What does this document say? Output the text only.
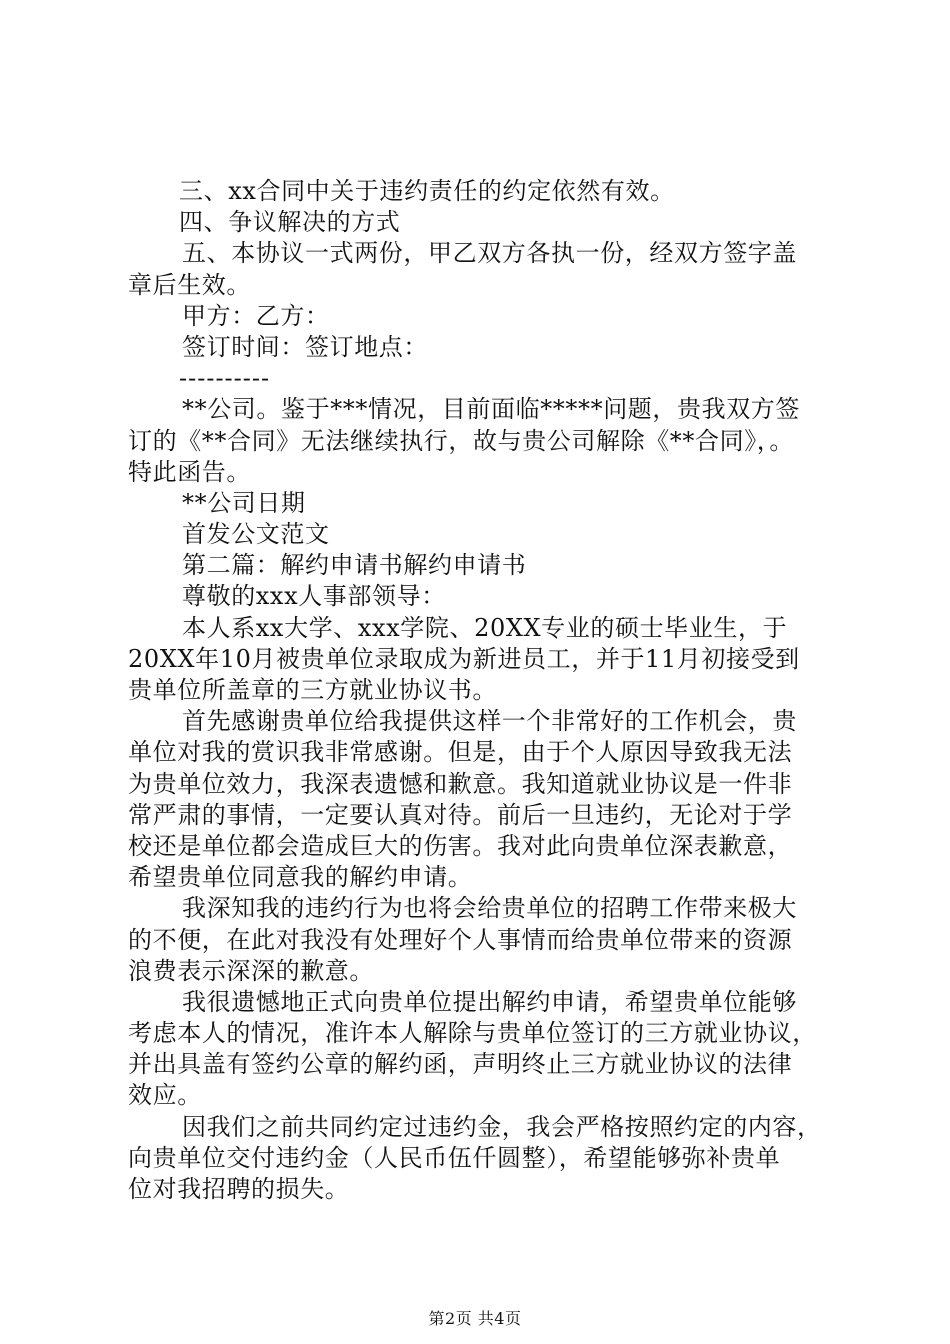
三、xx合同中关于违约责任的约定依然有效。
四、争议解决的方式
五、本协议一式两份，甲乙双方各执一份，经双方签字盖
章后生效。
甲方：乙方：
签订时间：签订地点：
----------
**公司。鉴于***情况，目前面临*****问题，贵我双方签
订的《**合同》无法继续执行，故与贵公司解除《**合同》，。
特此函告。
**公司日期
首发公文范文
第二篇：解约申请书解约申请书
尊敬的xxx人事部领导：
本人系xx大学、xxx学院、20XX专业的硕士毕业生，于
20XX年10月被贵单位录取成为新进员工，并于11月初接受到
贵单位所盖章的三方就业协议书。
首先感谢贵单位给我提供这样一个非常好的工作机会，贵
单位对我的赏识我非常感谢。但是，由于个人原因导致我无法
为贵单位效力，我深表遗憾和歉意。我知道就业协议是一件非
常严肃的事情，一定要认真对待。前后一旦违约，无论对于学
校还是单位都会造成巨大的伤害。我对此向贵单位深表歉意，
希望贵单位同意我的解约申请。
我深知我的违约行为也将会给贵单位的招聘工作带来极大
的不便，在此对我没有处理好个人事情而给贵单位带来的资源
浪费表示深深的歉意。
我很遗憾地正式向贵单位提出解约申请，希望贵单位能够
考虑本人的情况，准许本人解除与贵单位签订的三方就业协议，
并出具盖有签约公章的解约函，声明终止三方就业协议的法律
效应。
因我们之前共同约定过违约金，我会严格按照约定的内容，
向贵单位交付违约金（人民币伍仟圆整），希望能够弥补贵单
位对我招聘的损失。
第2页 共4页
